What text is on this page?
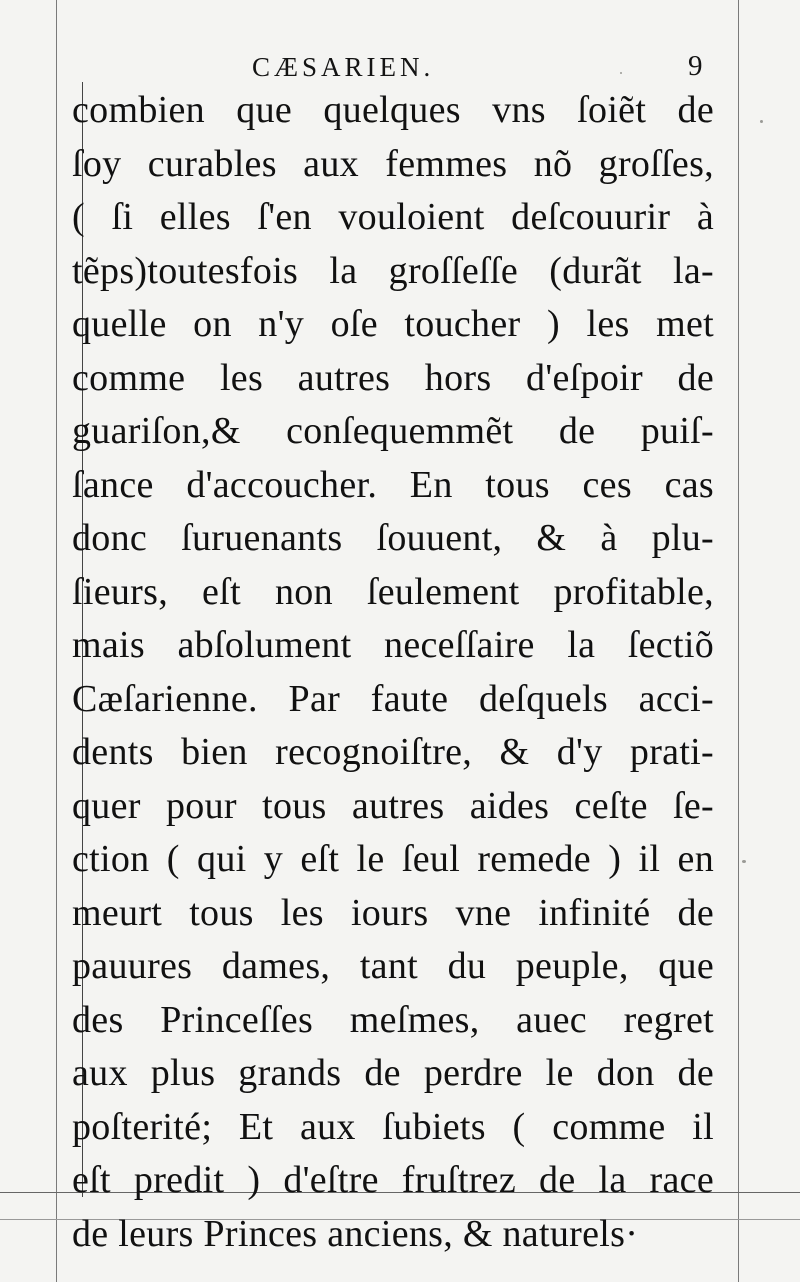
CÆSARIEN.	9
combien que quelques vns ſoiẽt de
ſoy curables aux femmes nõ groſſes,
( ſi elles ſ'en vouloient deſcouurir à
tẽps)toutesfois la groſſeſſe (durãt la-
quelle on n'y oſe toucher ) les met
comme les autres hors d'eſpoir de
guariſon,& conſequemmẽt de puiſ-
ſance d'accoucher. En tous ces cas
donc ſuruenants ſouuent, & à plu-
ſieurs, eſt non ſeulement profitable,
mais abſolument neceſſaire la ſectiõ
Cæſarienne. Par faute deſquels acci-
dents bien recognoiſtre, & d'y prati-
quer pour tous autres aides ceſte ſe-
ction ( qui y eſt le ſeul remede ) il en
meurt tous les iours vne infinité de
pauures dames, tant du peuple, que
des Princeſſes meſmes, auec regret
aux plus grands de perdre le don de
poſterité; Et aux ſubiets ( comme il
eſt predit ) d'eſtre fruſtrez de la race
de leurs Princes anciens, & naturels·
